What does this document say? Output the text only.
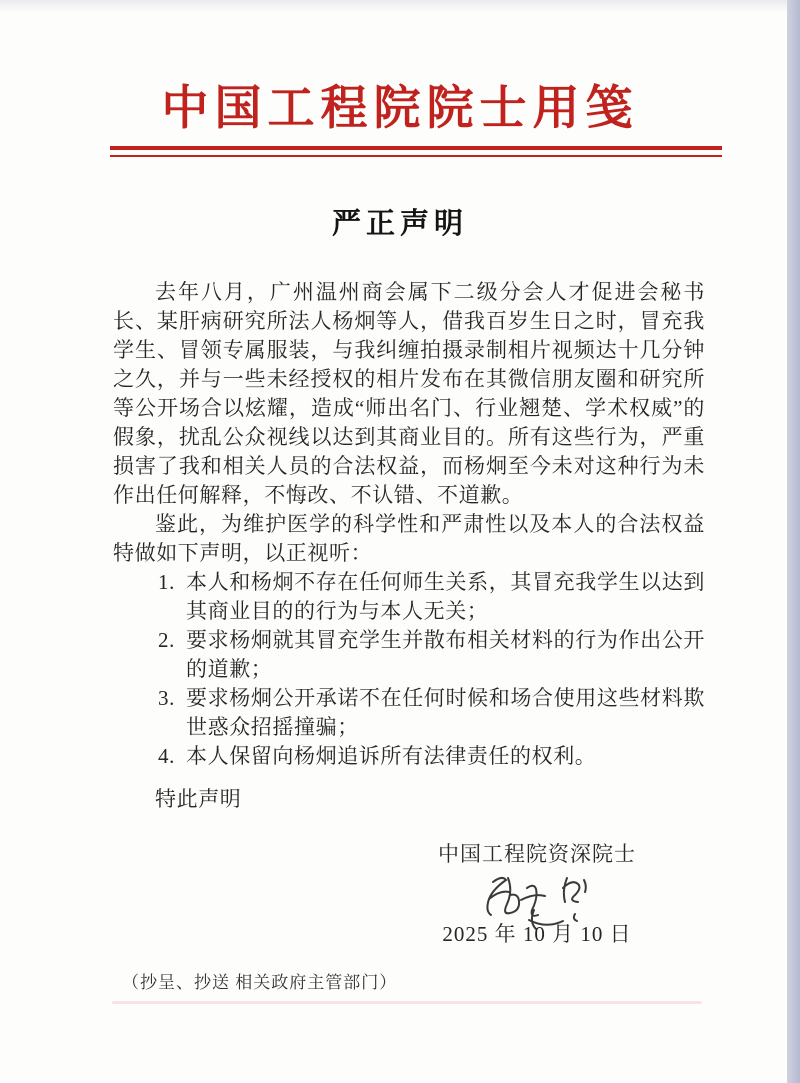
中国工程院院士用笺
严正声明

去年八月，广州温州商会属下二级分会人才促进会秘书长、某肝病研究所法人杨炯等人，借我百岁生日之时，冒充我学生、冒领专属服装，与我纠缠拍摄录制相片视频达十几分钟之久，并与一些未经授权的相片发布在其微信朋友圈和研究所等公开场合以炫耀，造成“师出名门、行业翘楚、学术权威”的假象，扰乱公众视线以达到其商业目的。所有这些行为，严重损害了我和相关人员的合法权益，而杨炯至今未对这种行为未作出任何解释，不悔改、不认错、不道歉。

鉴此，为维护医学的科学性和严肃性以及本人的合法权益特做如下声明，以正视听：

1. 本人和杨炯不存在任何师生关系，其冒充我学生以达到其商业目的的行为与本人无关；
2. 要求杨炯就其冒充学生并散布相关材料的行为作出公开的道歉；
3. 要求杨炯公开承诺不在任何时候和场合使用这些材料欺世惑众招摇撞骗；
4. 本人保留向杨炯追诉所有法律责任的权利。
特此声明
中国工程院资深院士
2025 年 10 月 10 日
（抄呈、抄送 相关政府主管部门）
